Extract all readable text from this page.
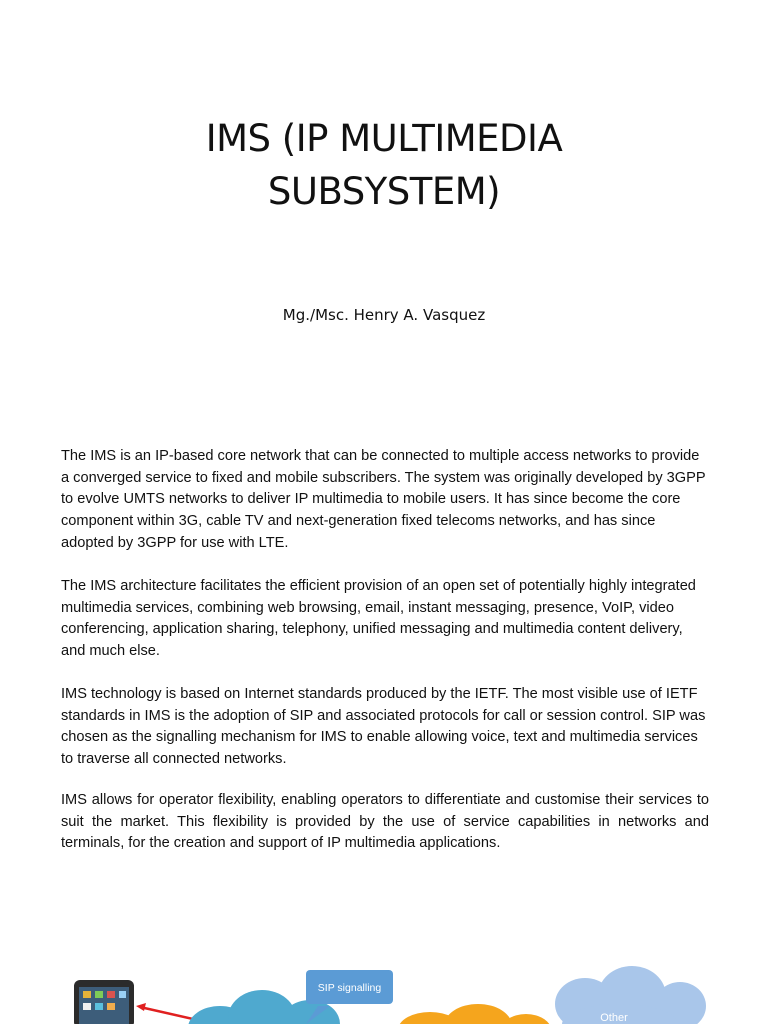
IMS (IP MULTIMEDIA
SUBSYSTEM)
Mg./Msc. Henry A. Vasquez

The IMS is an IP-based core network that can be connected to multiple access networks to provide a converged service to fixed and mobile subscribers. The system was originally developed by 3GPP to evolve UMTS networks to deliver IP multimedia to mobile users. It has since become the core component within 3G, cable TV and next-generation fixed telecoms networks, and has since adopted by 3GPP for use with LTE.

The IMS architecture facilitates the efficient provision of an open set of potentially highly integrated multimedia services, combining web browsing, email, instant messaging, presence, VoIP, video conferencing, application sharing, telephony, unified messaging and multimedia content delivery, and much else.

IMS technology is based on Internet standards produced by the IETF. The most visible use of IETF standards in IMS is the adoption of SIP and associated protocols for call or session control. SIP was chosen as the signalling mechanism for IMS to enable allowing voice, text and multimedia services to traverse all connected networks.

IMS allows for operator flexibility, enabling operators to differentiate and customise their services to suit the market. This flexibility is provided by the use of service capabilities in networks and terminals, for the creation and support of IP multimedia applications.

SIP signalling
Other
